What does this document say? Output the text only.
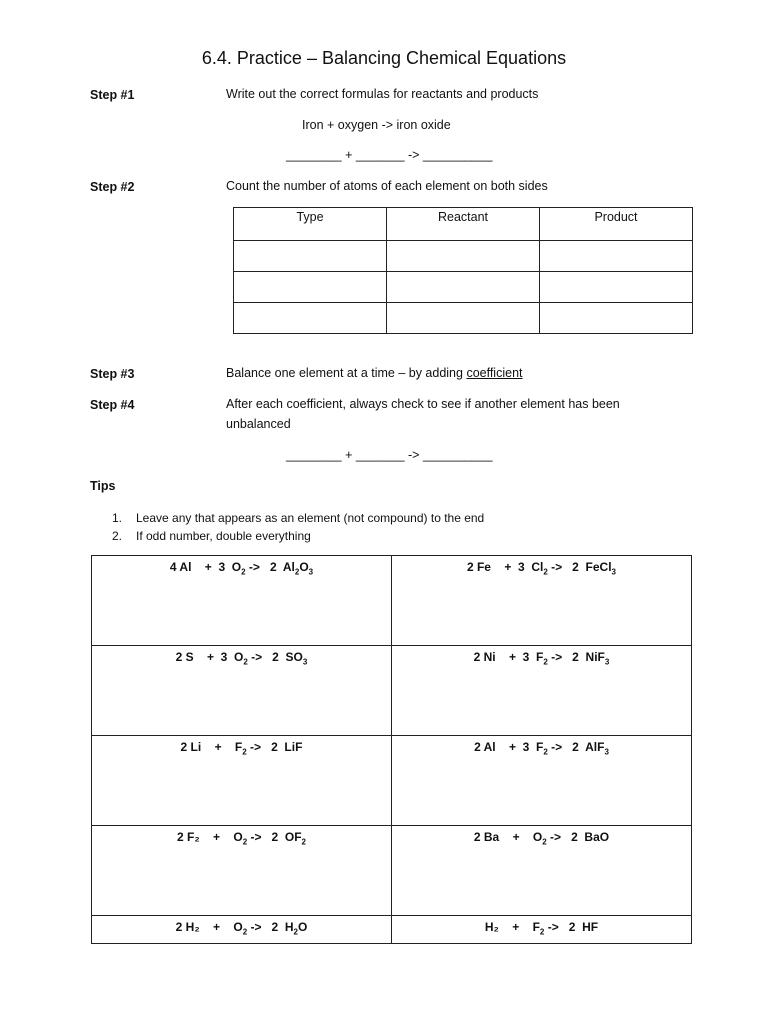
6.4. Practice – Balancing Chemical Equations
Step #1	Write out the correct formulas for reactants and products
Iron + oxygen -> iron oxide
________ + _______ -> __________
Step #2	Count the number of atoms of each element on both sides
Type	Reactant	Product

Step #3	Balance one element at a time – by adding coefficient
Step #4	After each coefficient, always check to see if another element has been unbalanced
________ + _______ -> __________
Tips
1. Leave any that appears as an element (not compound) to the end
2. If odd number, double everything
4 Al + 3 $O_2 -> 2$ $Al_2O_3$	2 Fe + 3 $Cl_2 -> 2$ FeCl$_3$

2 S + 3 $O_2 -> 2$ $SO_3$	2 Ni + 3 $F_2 -> 2$ NiF$_3$

2 $Li + F_2 -> 2$ LiF	2 Al + 3 $F_2 -> 2$ AlF$_3$

2 $F_2 + O_2 -> 2$ $OF_2$	2 $Ba + O_2 -> 2$ BaO

2 $H_2 + O_2 -> 2$ $H_2O$	$H_2 + F_2 -> 2$ HF
